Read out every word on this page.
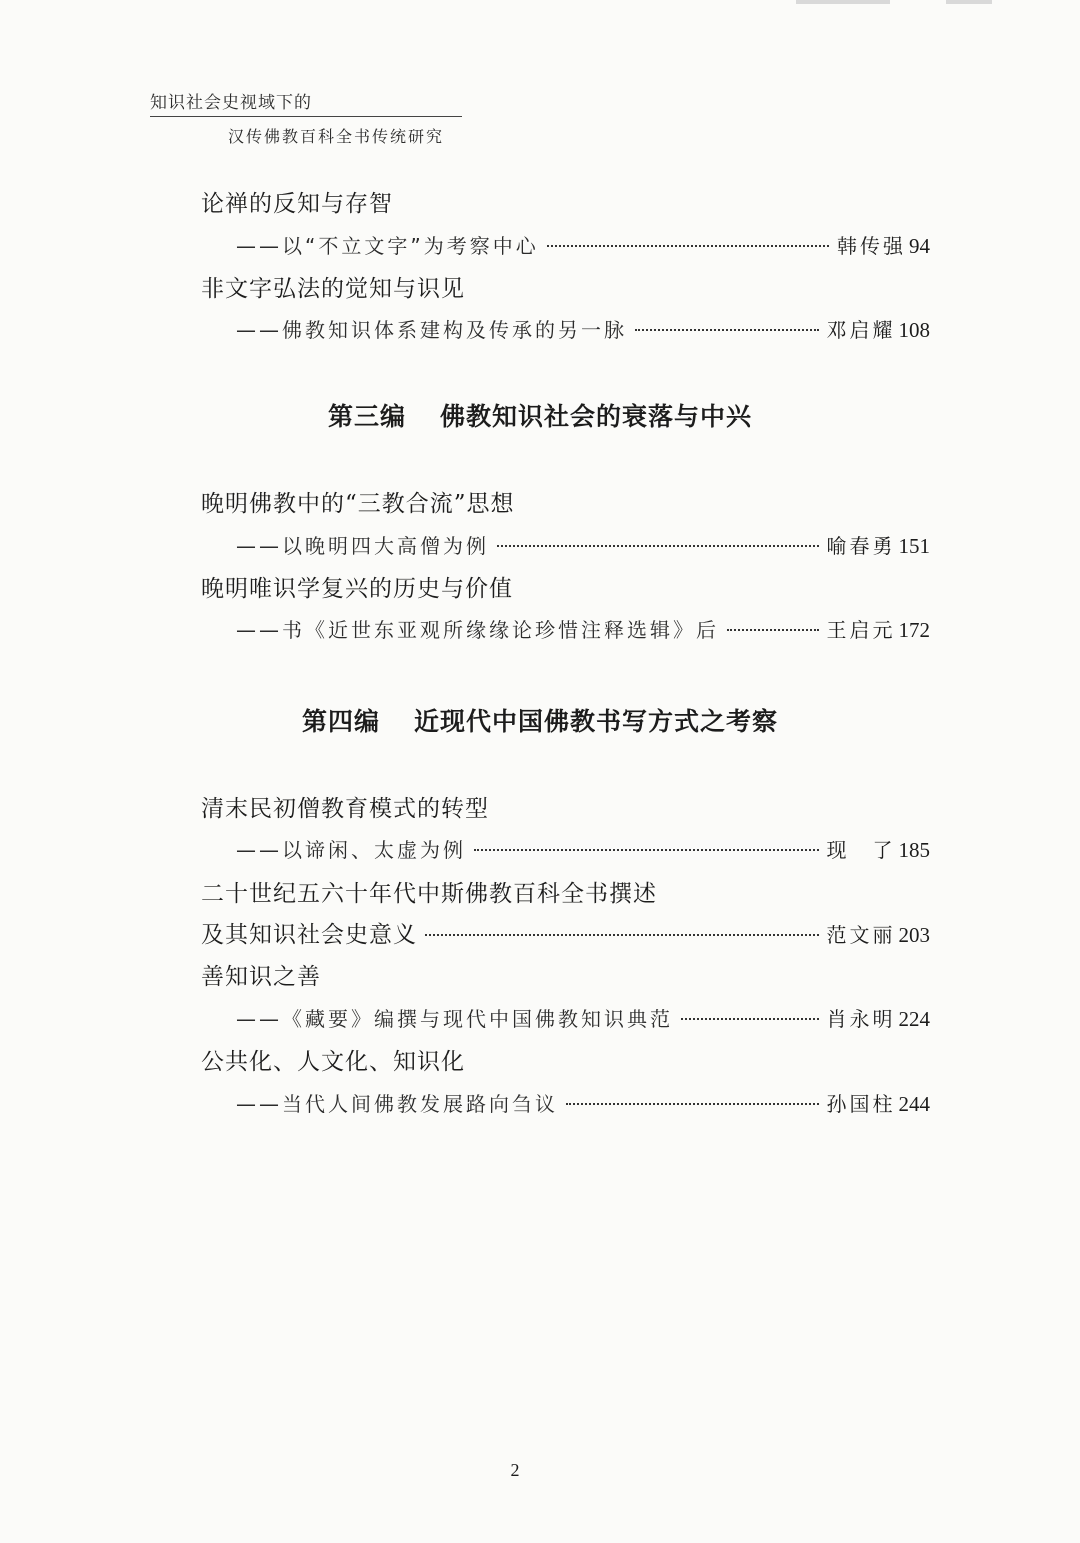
知识社会史视域下的
汉传佛教百科全书传统研究
论禅的反知与存智
——以“不立文字”为考察中心	韩传强 94
非文字弘法的觉知与识见
——佛教知识体系建构及传承的另一脉	邓启耀 108
第三编 佛教知识社会的衰落与中兴
晚明佛教中的“三教合流”思想
——以晚明四大高僧为例	喻春勇 151
晚明唯识学复兴的历史与价值
——书《近世东亚观所缘缘论珍惜注释选辑》后	王启元 172
第四编 近现代中国佛教书写方式之考察
清末民初僧教育模式的转型
——以谛闲、太虚为例	现　了 185
二十世纪五六十年代中斯佛教百科全书撰述
及其知识社会史意义	范文丽 203
善知识之善
——《藏要》编撰与现代中国佛教知识典范	肖永明 224
公共化、人文化、知识化
——当代人间佛教发展路向刍议	孙国柱 244
2
